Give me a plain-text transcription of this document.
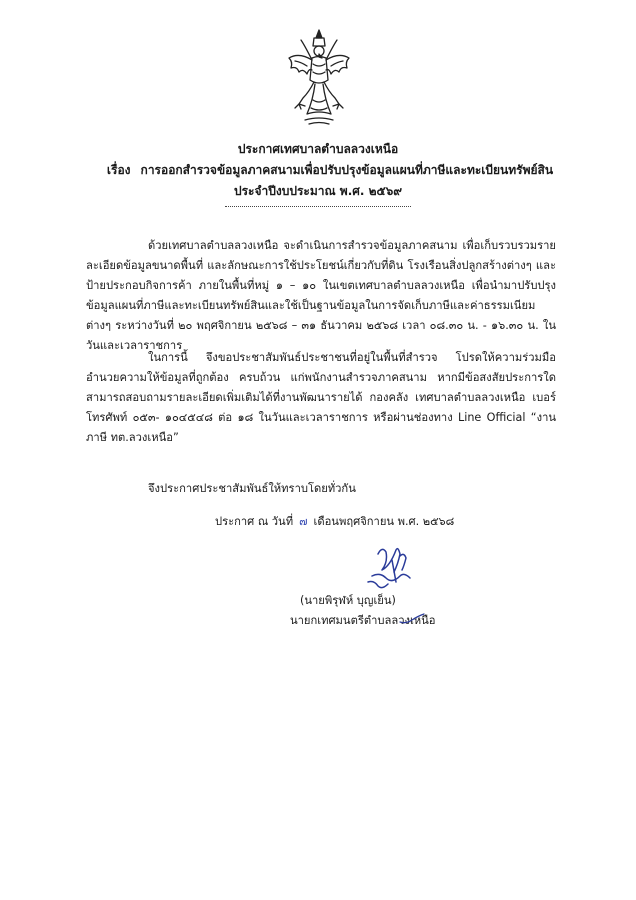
ประกาศเทศบาลตำบลลวงเหนือ
เรื่อง การออกสำรวจข้อมูลภาคสนามเพื่อปรับปรุงข้อมูลแผนที่ภาษีและทะเบียนทรัพย์สิน
ประจำปีงบประมาณ พ.ศ. ๒๕๖๙

ด้วยเทศบาลตำบลลวงเหนือ จะดำเนินการสำรวจข้อมูลภาคสนาม เพื่อเก็บรวบรวมรายละเอียดข้อมูลขนาดพื้นที่ และลักษณะการใช้ประโยชน์เกี่ยวกับที่ดิน โรงเรือนสิ่งปลูกสร้างต่างๆ และป้ายประกอบกิจการค้า ภายในพื้นที่หมู่ ๑ – ๑๐ ในเขตเทศบาลตำบลลวงเหนือ เพื่อนำมาปรับปรุงข้อมูลแผนที่ภาษีและทะเบียนทรัพย์สินและใช้เป็นฐานข้อมูลในการจัดเก็บภาษีและค่าธรรมเนียมต่างๆ ระหว่างวันที่ ๒๐ พฤศจิกายน ๒๕๖๘ – ๓๑ ธันวาคม ๒๕๖๘ เวลา ๐๘.๓๐ น. - ๑๖.๓๐ น. ในวันและเวลาราชการ

ในการนี้ จึงขอประชาสัมพันธ์ประชาชนที่อยู่ในพื้นที่สำรวจ โปรดให้ความร่วมมืออำนวยความให้ข้อมูลที่ถูกต้อง ครบถ้วน แก่พนักงานสำรวจภาคสนาม หากมีข้อสงสัยประการใดสามารถสอบถามรายละเอียดเพิ่มเติมได้ที่งานพัฒนารายได้ กองคลัง เทศบาลตำบลลวงเหนือ เบอร์โทรศัพท์ ๐๕๓- ๑๐๔๕๔๘ ต่อ ๑๘ ในวันและเวลาราชการ หรือผ่านช่องทาง Line Official “งานภาษี ทต.ลวงเหนือ”

จึงประกาศประชาสัมพันธ์ให้ทราบโดยทั่วกัน
ประกาศ ณ วันที่ ๗ เดือนพฤศจิกายน พ.ศ. ๒๕๖๘
(นายพิรุฬห์ บุญเย็น)
นายกเทศมนตรีตำบลลวงเหนือ
